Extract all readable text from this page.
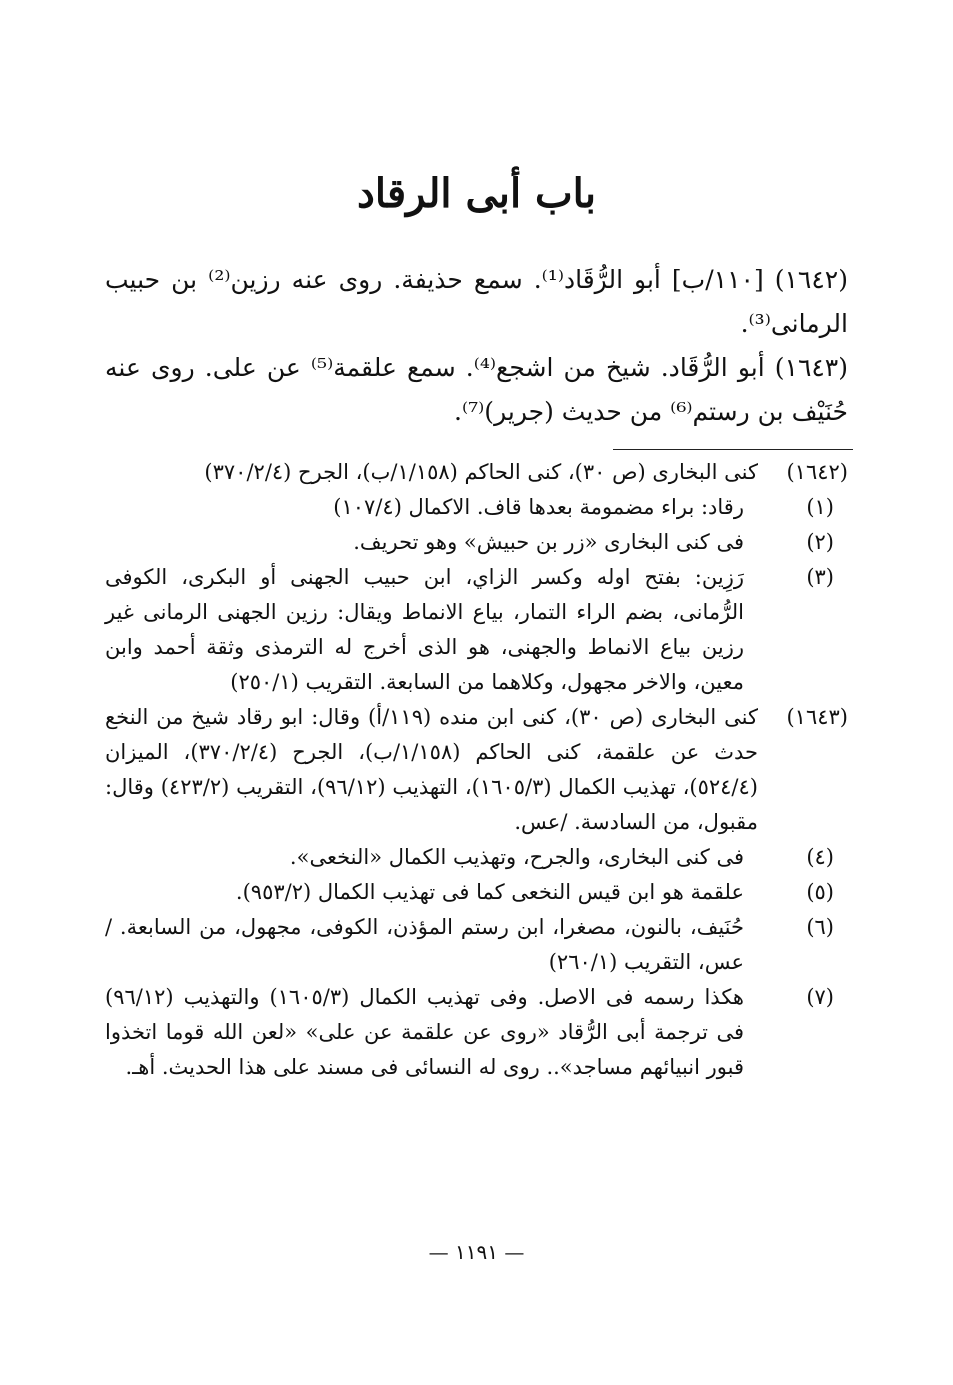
باب أبى الرقاد

(١٦٤٢) [١١٠/ب] أبو الرُّقَاد⁽¹⁾. سمع حذيفة. روى عنه رزين⁽²⁾ بن حبيب الرمانى⁽³⁾.

(١٦٤٣) أبو الرُّقَاد. شيخ من اشجع⁽⁴⁾. سمع علقمة⁽⁵⁾ عن على. روى عنه حُنَيْف بن رستم⁽⁶⁾ من حديث (جرير)⁽⁷⁾.

(١٦٤٢)
كنى البخارى (ص ٣٠)، كنى الحاكم (١/١٥٨/ب)، الجرح (٣٧٠/٢/٤)
(١)
رقاد: براء مضمومة بعدها قاف. الاكمال (١٠٧/٤)
(٢)
فى كنى البخارى «زر بن حبيش» وهو تحريف.
(٣)
رَزِين: بفتح اوله وكسر الزاي، ابن حبيب الجهنى أو البكرى، الكوفى الرُّمانى، بضم الراء التمار، بياع الانماط ويقال: رزين الجهنى الرمانى غير رزين بياع الانماط والجهنى، هو الذى أخرج له الترمذى وثقة أحمد وابن معين، والاخر مجهول، وكلاهما من السابعة. التقريب (٢٥٠/١)
(١٦٤٣)
كنى البخارى (ص ٣٠)، كنى ابن منده (١١٩/أ) وقال: ابو رقاد شيخ من النخع حدث عن علقمة، كنى الحاكم (١/١٥٨/ب)، الجرح (٣٧٠/٢/٤)، الميزان (٥٢٤/٤)، تهذيب الكمال (١٦٠٥/٣)، التهذيب (٩٦/١٢)، التقريب (٤٢٣/٢) وقال: مقبول، من السادسة. /عس.
(٤)
فى كنى البخارى، والجرح، وتهذيب الكمال «النخعى».
(٥)
علقمة هو ابن قيس النخعى كما فى تهذيب الكمال (٩٥٣/٢).
(٦)
حُنَيف، بالنون، مصغرا، ابن رستم المؤذن، الكوفى، مجهول، من السابعة. /عس، التقريب (٢٦٠/١)
(٧)
هكذا رسمه فى الاصل. وفى تهذيب الكمال (١٦٠٥/٣) والتهذيب (٩٦/١٢) فى ترجمة أبى الرُّقاد «روى عن علقمة عن على» «لعن الله قوما اتخذوا قبور انبيائهم مساجد».. روى له النسائى فى مسند على هذا الحديث. أهـ.
— ١١٩١ —
